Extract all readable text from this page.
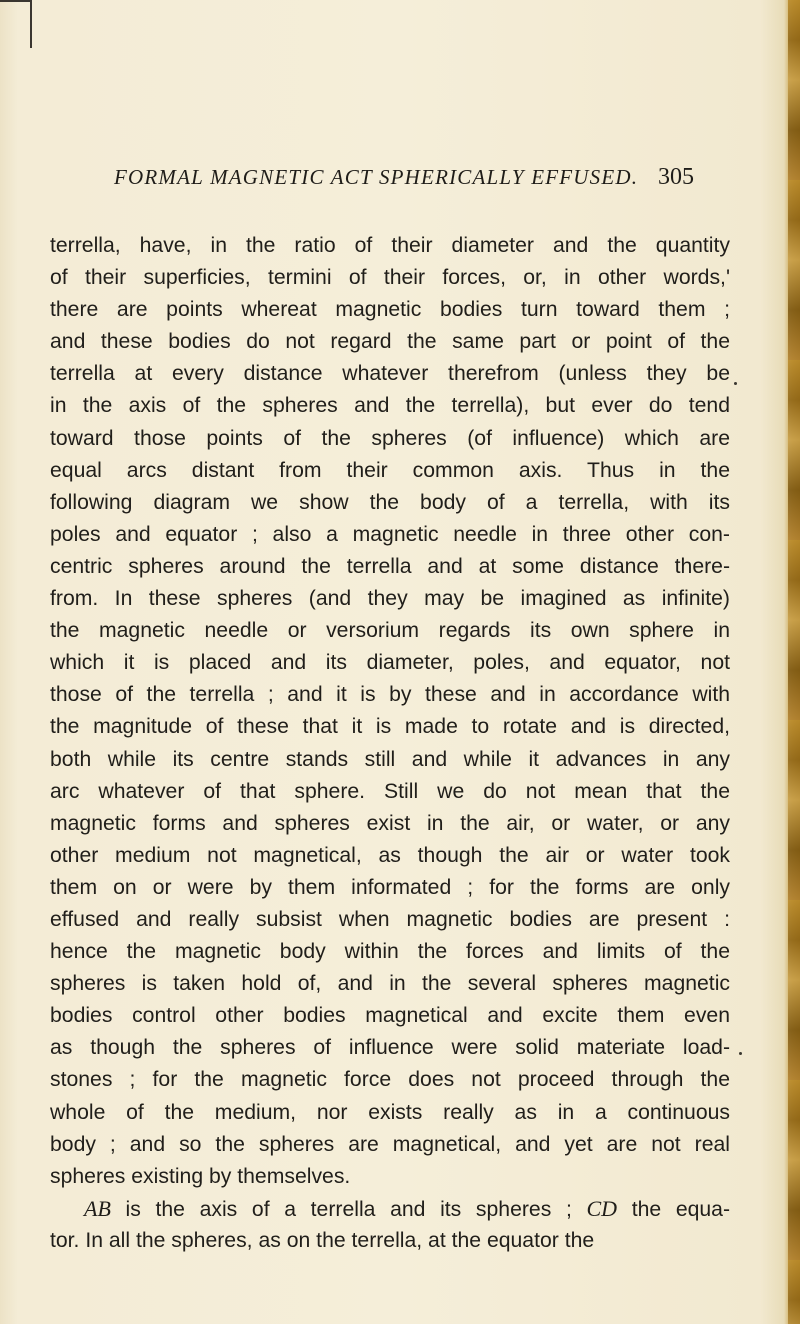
FORMAL MAGNETIC ACT SPHERICALLY EFFUSED. 305
terrella, have, in the ratio of their diameter and the quantity
of their superficies, termini of their forces, or, in other words,'
there are points whereat magnetic bodies turn toward them ;
and these bodies do not regard the same part or point of the
terrella at every distance whatever therefrom (unless they be
in the axis of the spheres and the terrella), but ever do tend
toward those points of the spheres (of influence) which are
equal arcs distant from their common axis. Thus in the
following diagram we show the body of a terrella, with its
poles and equator ; also a magnetic needle in three other con-
centric spheres around the terrella and at some distance there-
from. In these spheres (and they may be imagined as infinite)
the magnetic needle or versorium regards its own sphere in
which it is placed and its diameter, poles, and equator, not
those of the terrella ; and it is by these and in accordance with
the magnitude of these that it is made to rotate and is directed,
both while its centre stands still and while it advances in any
arc whatever of that sphere. Still we do not mean that the
magnetic forms and spheres exist in the air, or water, or any
other medium not magnetical, as though the air or water took
them on or were by them informated ; for the forms are only
effused and really subsist when magnetic bodies are present :
hence the magnetic body within the forces and limits of the
spheres is taken hold of, and in the several spheres magnetic
bodies control other bodies magnetical and excite them even
as though the spheres of influence were solid materiate load-
stones ; for the magnetic force does not proceed through the
whole of the medium, nor exists really as in a continuous
body ; and so the spheres are magnetical, and yet are not real
spheres existing by themselves.
AB is the axis of a terrella and its spheres ; CD the equa-
tor. In all the spheres, as on the terrella, at the equator the
